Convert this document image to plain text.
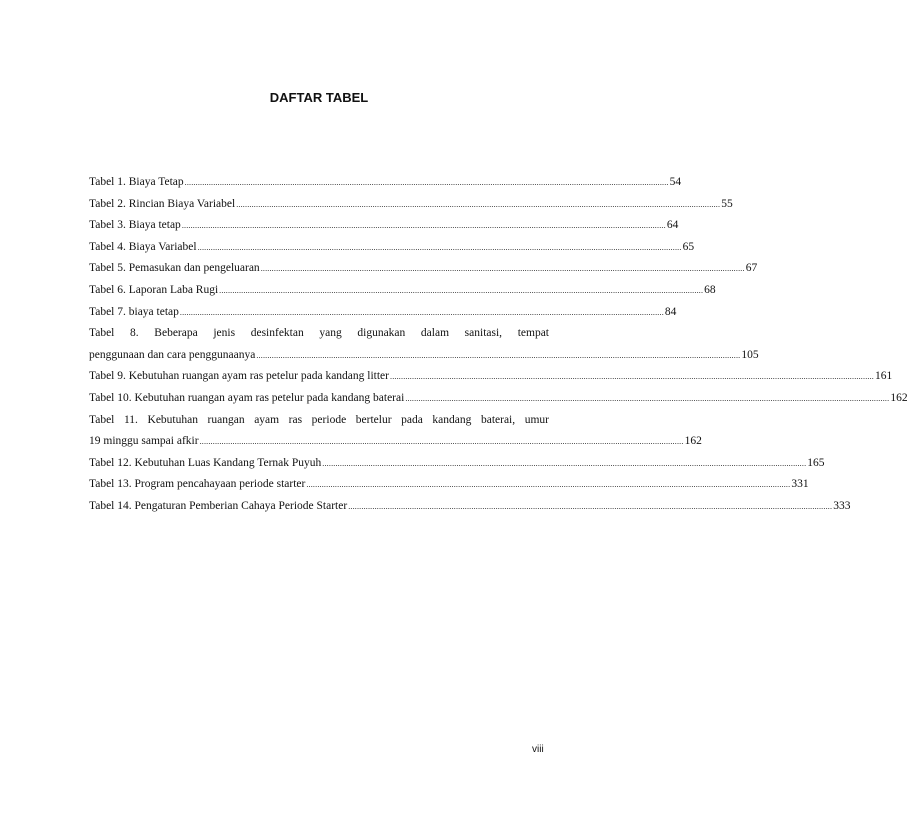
DAFTAR TABEL
Tabel 1. Biaya Tetap ............................................................................................................................................................................................................................ 54
Tabel 2. Rincian Biaya Variabel ............................................................................................................................................................................................................................ 55
Tabel 3. Biaya tetap ............................................................................................................................................................................................................................ 64
Tabel 4. Biaya Variabel ............................................................................................................................................................................................................................ 65
Tabel 5. Pemasukan dan pengeluaran ............................................................................................................................................................................................................................ 67
Tabel 6. Laporan Laba Rugi ............................................................................................................................................................................................................................ 68
Tabel 7. biaya tetap ............................................................................................................................................................................................................................ 84
Tabel 8. Beberapa jenis desinfektan yang digunakan dalam sanitasi, tempat
penggunaan dan cara penggunaanya ............................................................................................................................................................................................................................ 105
Tabel 9. Kebutuhan ruangan ayam ras petelur pada kandang litter ............................................................................................................................................................................................................................ 161
Tabel 10. Kebutuhan ruangan ayam ras petelur pada kandang baterai ............................................................................................................................................................................................................................ 162
Tabel 11. Kebutuhan ruangan ayam ras periode bertelur pada kandang baterai, umur
19 minggu sampai afkir ............................................................................................................................................................................................................................ 162
Tabel 12. Kebutuhan Luas Kandang Ternak Puyuh ............................................................................................................................................................................................................................ 165
Tabel 13. Program pencahayaan periode starter ............................................................................................................................................................................................................................ 331
Tabel 14. Pengaturan Pemberian Cahaya Periode Starter ............................................................................................................................................................................................................................ 333
viii
